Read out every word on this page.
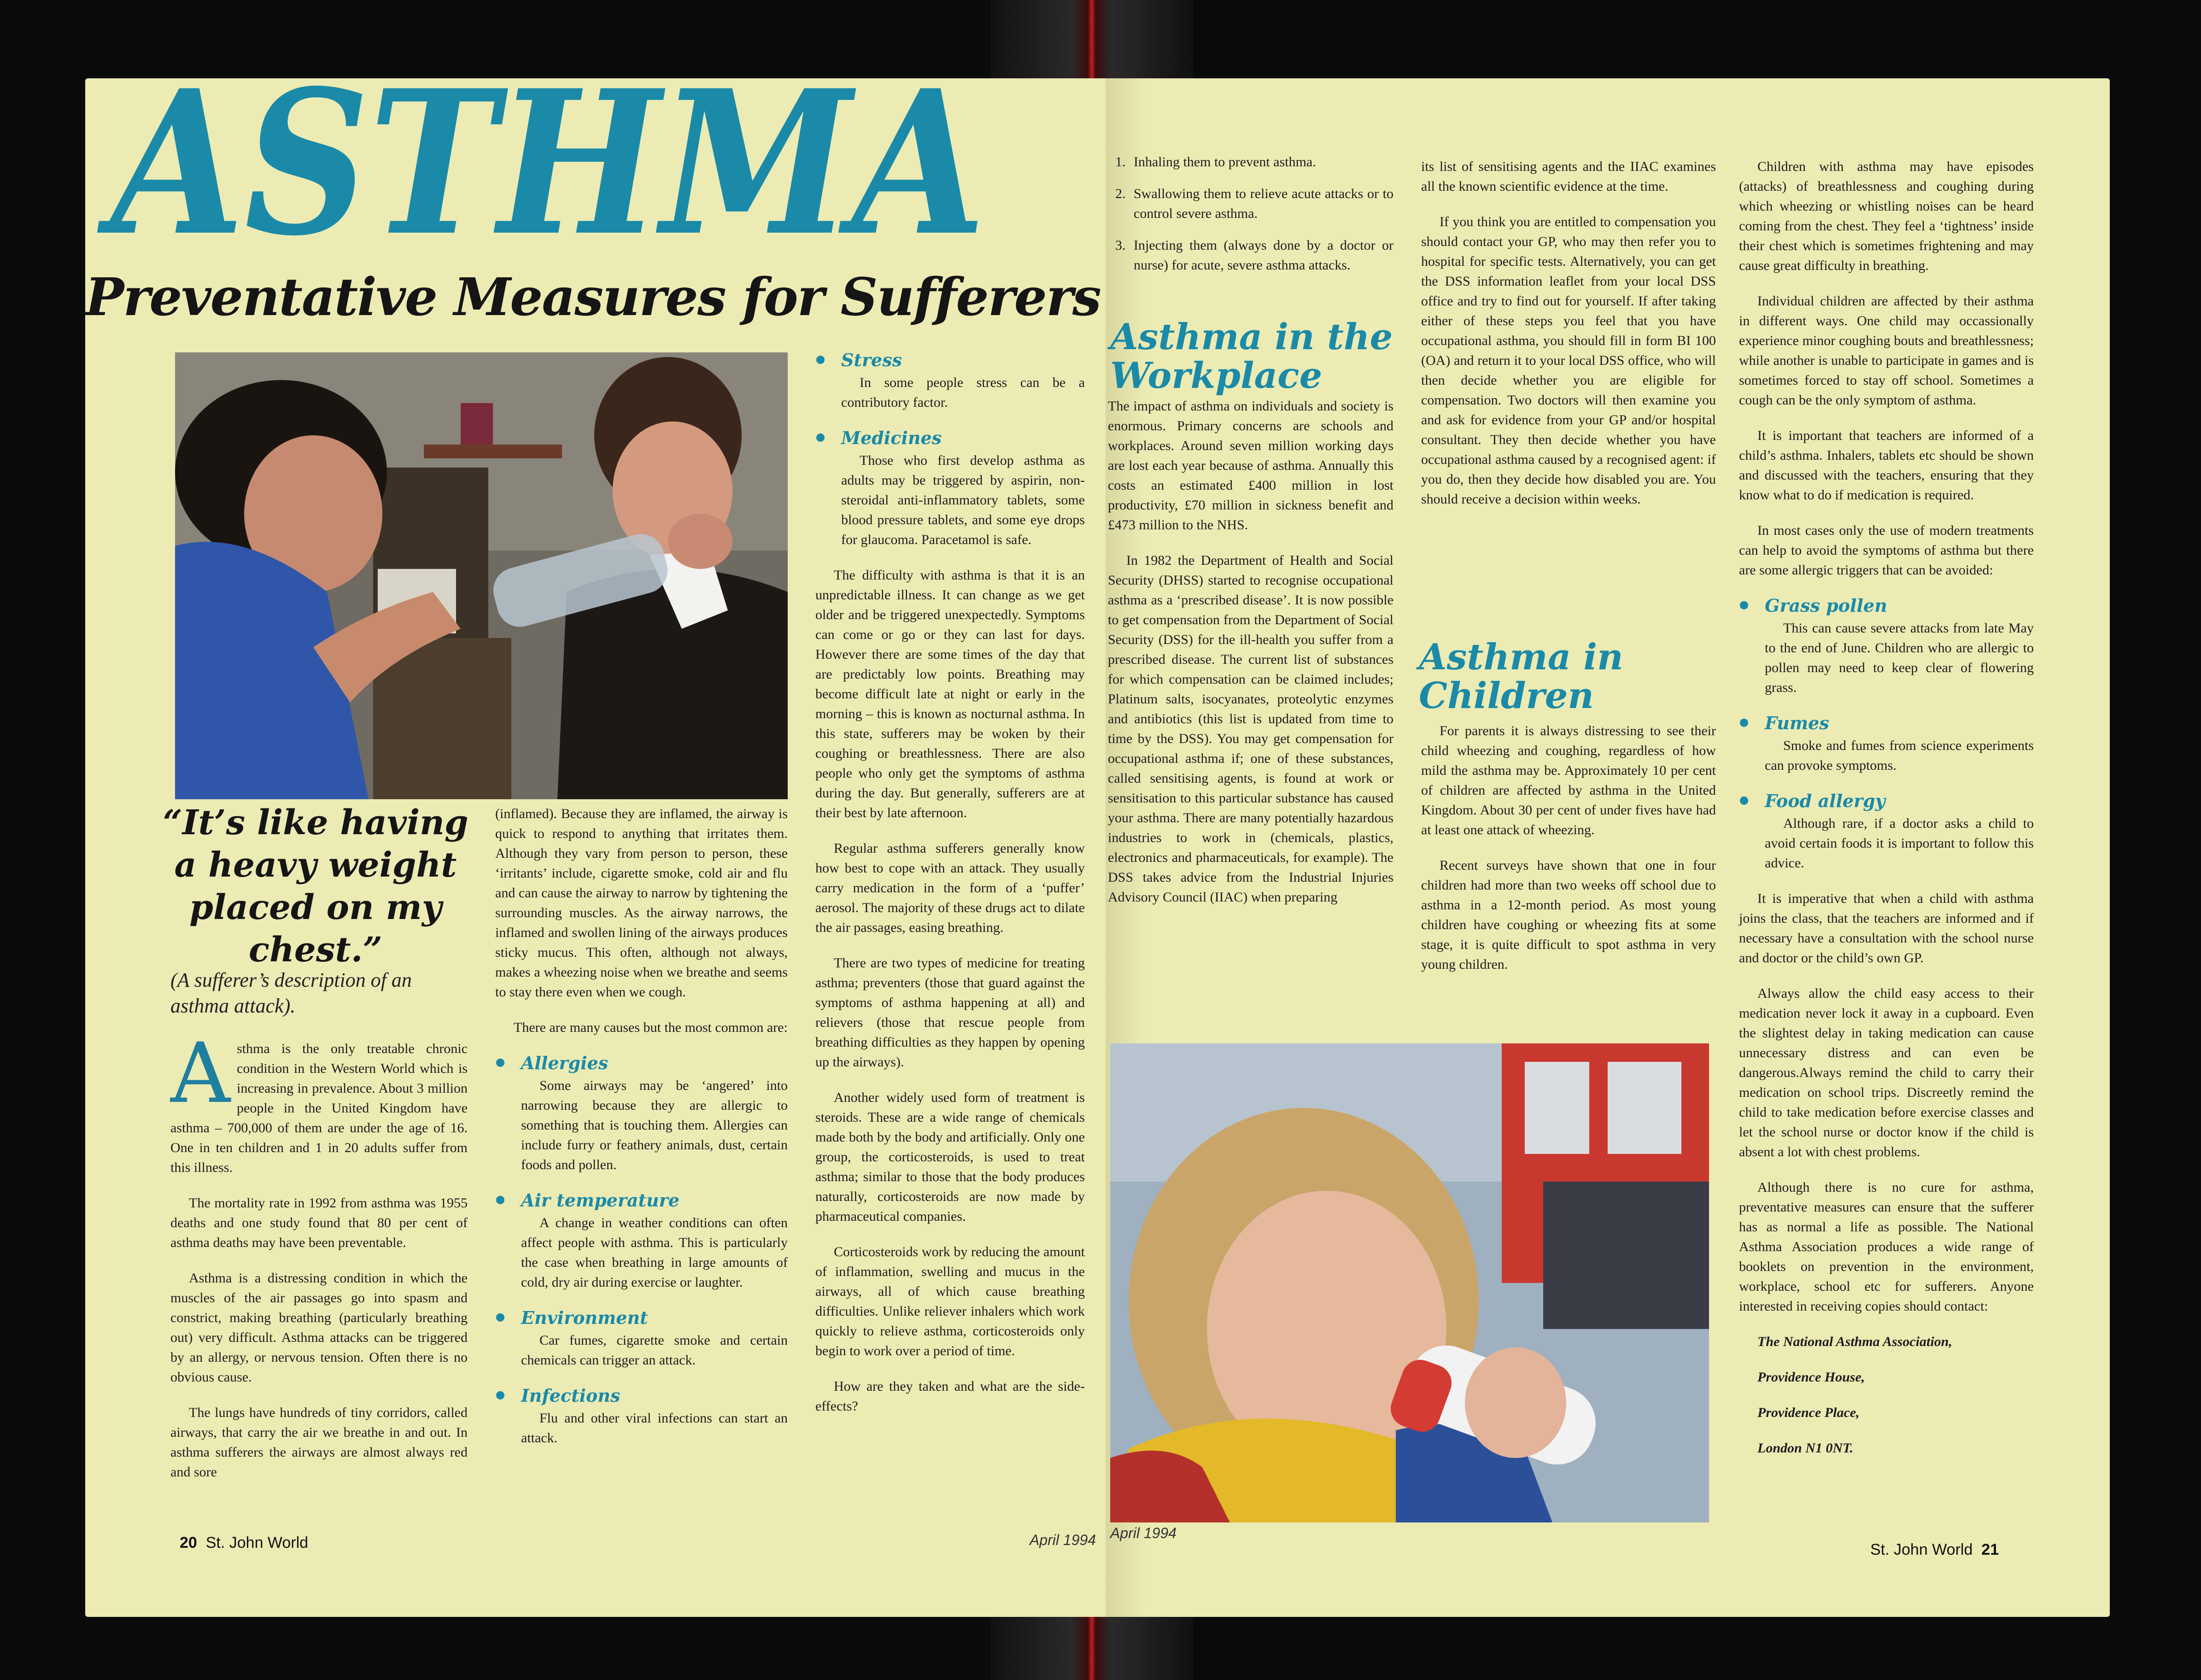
ASTHMA
Preventative Measures for Sufferers
“It’s like having a heavy weight placed on my chest.”
(A sufferer’s description of an asthma attack).

Asthma is the only treatable chronic condition in the Western World which is increasing in prevalence. About 3 million people in the United Kingdom have asthma – 700,000 of them are under the age of 16. One in ten children and 1 in 20 adults suffer from this illness.

The mortality rate in 1992 from asthma was 1955 deaths and one study found that 80 per cent of asthma deaths may have been preventable.

Asthma is a distressing condition in which the muscles of the air passages go into spasm and constrict, making breathing (particularly breathing out) very difficult. Asthma attacks can be triggered by an allergy, or nervous tension. Often there is no obvious cause.

The lungs have hundreds of tiny corridors, called airways, that carry the air we breathe in and out. In asthma sufferers the airways are almost always red and sore

(inflamed). Because they are inflamed, the airway is quick to respond to anything that irritates them. Although they vary from person to person, these ‘irritants’ include, cigarette smoke, cold air and flu and can cause the airway to narrow by tightening the surrounding muscles. As the airway narrows, the inflamed and swollen lining of the airways produces sticky mucus. This often, although not always, makes a wheezing noise when we breathe and seems to stay there even when we cough.

There are many causes but the most common are:

Allergies

Some airways may be ‘angered’ into narrowing because they are allergic to something that is touching them. Allergies can include furry or feathery animals, dust, certain foods and pollen.

Air temperature

A change in weather conditions can often affect people with asthma. This is particularly the case when breathing in large amounts of cold, dry air during exercise or laughter.

Environment

Car fumes, cigarette smoke and certain chemicals can trigger an attack.

Infections

Flu and other viral infections can start an attack.

Stress

In some people stress can be a contributory factor.

Medicines

Those who first develop asthma as adults may be triggered by aspirin, non-steroidal anti-inflammatory tablets, some blood pressure tablets, and some eye drops for glaucoma. Paracetamol is safe.

The difficulty with asthma is that it is an unpredictable illness. It can change as we get older and be triggered unexpectedly. Symptoms can come or go or they can last for days. However there are some times of the day that are predictably low points. Breathing may become difficult late at night or early in the morning – this is known as nocturnal asthma. In this state, sufferers may be woken by their coughing or breathlessness. There are also people who only get the symptoms of asthma during the day. But generally, sufferers are at their best by late afternoon.

Regular asthma sufferers generally know how best to cope with an attack. They usually carry medication in the form of a ‘puffer’ aerosol. The majority of these drugs act to dilate the air passages, easing breathing.

There are two types of medicine for treating asthma; preventers (those that guard against the symptoms of asthma happening at all) and relievers (those that rescue people from breathing difficulties as they happen by opening up the airways).

Another widely used form of treatment is steroids. These are a wide range of chemicals made both by the body and artificially. Only one group, the corticosteroids, is used to treat asthma; similar to those that the body produces naturally, corticosteroids are now made by pharmaceutical companies.

Corticosteroids work by reducing the amount of inflammation, swelling and mucus in the airways, all of which cause breathing difficulties. Unlike reliever inhalers which work quickly to relieve asthma, corticosteroids only begin to work over a period of time.

How are they taken and what are the side-effects?

20 St. John World	April 1994
1. Inhaling them to prevent asthma.
2. Swallowing them to relieve acute attacks or to control severe asthma.
3. Injecting them (always done by a doctor or nurse) for acute, severe asthma attacks.
Asthma in the Workplace

The impact of asthma on individuals and society is enormous. Primary concerns are schools and workplaces. Around seven million working days are lost each year because of asthma. Annually this costs an estimated £400 million in lost productivity, £70 million in sickness benefit and £473 million to the NHS.

In 1982 the Department of Health and Social Security (DHSS) started to recognise occupational asthma as a ‘prescribed disease’. It is now possible to get compensation from the Department of Social Security (DSS) for the ill-health you suffer from a prescribed disease. The current list of substances for which compensation can be claimed includes; Platinum salts, isocyanates, proteolytic enzymes and antibiotics (this list is updated from time to time by the DSS). You may get compensation for occupational asthma if; one of these substances, called sensitising agents, is found at work or sensitisation to this particular substance has caused your asthma. There are many potentially hazardous industries to work in (chemicals, plastics, electronics and pharmaceuticals, for example). The DSS takes advice from the Industrial Injuries Advisory Council (IIAC) when preparing

its list of sensitising agents and the IIAC examines all the known scientific evidence at the time.

If you think you are entitled to compensation you should contact your GP, who may then refer you to hospital for specific tests. Alternatively, you can get the DSS information leaflet from your local DSS office and try to find out for yourself. If after taking either of these steps you feel that you have occupational asthma, you should fill in form BI 100 (OA) and return it to your local DSS office, who will then decide whether you are eligible for compensation. Two doctors will then examine you and ask for evidence from your GP and/or hospital consultant. They then decide whether you have occupational asthma caused by a recognised agent: if you do, then they decide how disabled you are. You should receive a decision within weeks.

Asthma in Children

For parents it is always distressing to see their child wheezing and coughing, regardless of how mild the asthma may be. Approximately 10 per cent of children are affected by asthma in the United Kingdom. About 30 per cent of under fives have had at least one attack of wheezing.

Recent surveys have shown that one in four children had more than two weeks off school due to asthma in a 12-month period. As most young children have coughing or wheezing fits at some stage, it is quite difficult to spot asthma in very young children.

Children with asthma may have episodes (attacks) of breathlessness and coughing during which wheezing or whistling noises can be heard coming from the chest. They feel a ‘tightness’ inside their chest which is sometimes frightening and may cause great difficulty in breathing.

Individual children are affected by their asthma in different ways. One child may occassionally experience minor coughing bouts and breathlessness; while another is unable to participate in games and is sometimes forced to stay off school. Sometimes a cough can be the only symptom of asthma.

It is important that teachers are informed of a child’s asthma. Inhalers, tablets etc should be shown and discussed with the teachers, ensuring that they know what to do if medication is required.

In most cases only the use of modern treatments can help to avoid the symptoms of asthma but there are some allergic triggers that can be avoided:

Grass pollen

This can cause severe attacks from late May to the end of June. Children who are allergic to pollen may need to keep clear of flowering grass.

Fumes

Smoke and fumes from science experiments can provoke symptoms.

Food allergy

Although rare, if a doctor asks a child to avoid certain foods it is important to follow this advice.

It is imperative that when a child with asthma joins the class, that the teachers are informed and if necessary have a consultation with the school nurse and doctor or the child’s own GP.

Always allow the child easy access to their medication never lock it away in a cupboard. Even the slightest delay in taking medication can cause unnecessary distress and can even be dangerous.Always remind the child to carry their medication on school trips. Discreetly remind the child to take medication before exercise classes and let the school nurse or doctor know if the child is absent a lot with chest problems.

Although there is no cure for asthma, preventative measures can ensure that the sufferer has as normal a life as possible. The National Asthma Association produces a wide range of booklets on prevention in the environment, workplace, school etc for sufferers. Anyone interested in receiving copies should contact:

The National Asthma Association,

Providence House,

Providence Place,

London N1 0NT.

April 1994
St. John World 21
